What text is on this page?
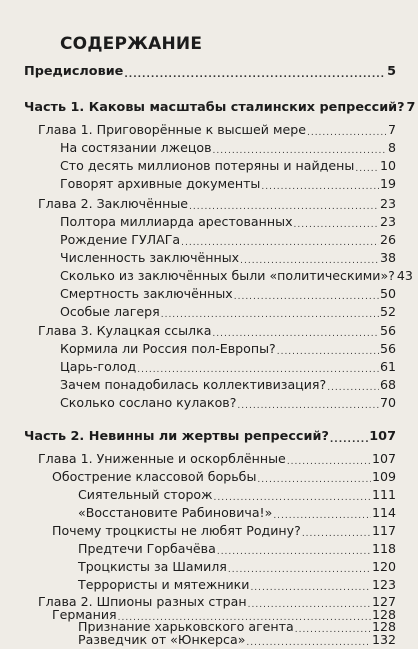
СОДЕРЖАНИЕ
Предисловие .....	5
Часть 1. Каковы масштабы сталинских репрессий? 7
Глава 1. Приговорённые к высшей мере .....	7
На состязании лжецов .....	8
Сто десять миллионов потеряны и найдены ..... 10
Говорят архивные документы .....	19
Глава 2. Заключённые .....	23
Полтора миллиарда арестованных .....	23
Рождение ГУЛАГа .....	26
Численность заключённых .....	38
Сколько из заключённых были «политическими»? 43
Смертность заключённых .....	50
Особые лагеря .....	52
Глава 3. Кулацкая ссылка .....	56
Кормила ли Россия пол-Европы? .....	56
Царь-голод .....	61
Зачем понадобилась коллективизация? .....	68
Сколько сослано кулаков? .....	70
Часть 2. Невинны ли жертвы репрессий? .....	107
Глава 1. Униженные и оскорблённые .....	107
Обострение классовой борьбы .....	109
Сиятельный сторож .....	111
«Восстановите Рабиновича!» .....	114
Почему троцкисты не любят Родину? .....	117
Предтечи Горбачёва .....	118
Троцкисты за Шамиля .....	120
Террористы и мятежники .....	123
Глава 2. Шпионы разных стран .....	127
Германия .....	128
Признание харьковского агента .....	128
Разведчик от «Юнкерса» .....	132
